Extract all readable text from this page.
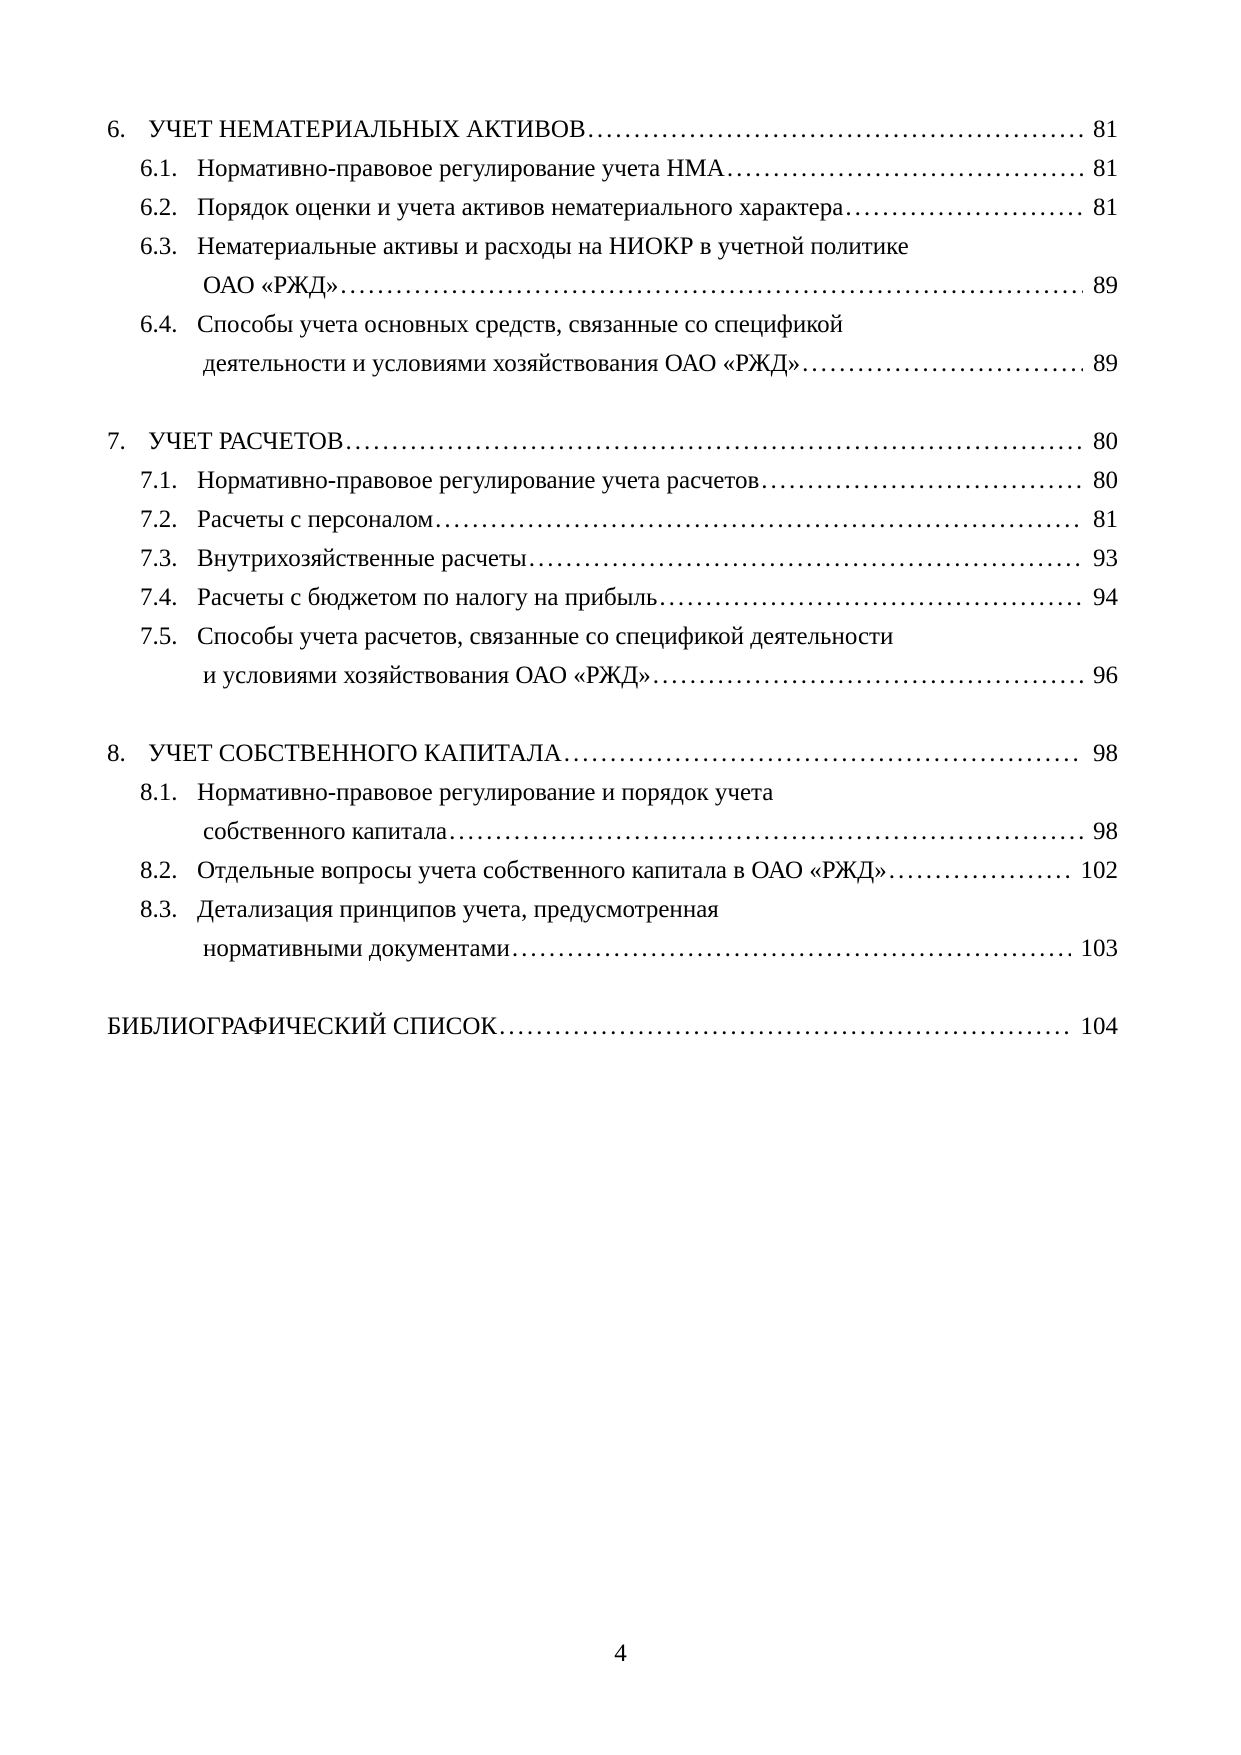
6. УЧЕТ НЕМАТЕРИАЛЬНЫХ АКТИВОВ .....	81
6.1. Нормативно-правовое регулирование учета НМА .....	81
6.2. Порядок оценки и учета активов нематериального характера .....	81
6.3. Нематериальные активы и расходы на НИОКР в учетной политике
ОАО «РЖД» .....	89
6.4. Способы учета основных средств, связанные со спецификой
деятельности и условиями хозяйствования ОАО «РЖД» .....	89
7. УЧЕТ РАСЧЕТОВ .....	80
7.1. Нормативно-правовое регулирование учета расчетов .....	80
7.2. Расчеты с персоналом .....	81
7.3. Внутрихозяйственные расчеты .....	93
7.4. Расчеты с бюджетом по налогу на прибыль .....	94
7.5. Способы учета расчетов, связанные со спецификой деятельности
и условиями хозяйствования ОАО «РЖД» .....	96
8. УЧЕТ СОБСТВЕННОГО КАПИТАЛА .....	98
8.1. Нормативно-правовое регулирование и порядок учета
собственного капитала .....	98
8.2. Отдельные вопросы учета собственного капитала в ОАО «РЖД» .....	102
8.3. Детализация принципов учета, предусмотренная
нормативными документами .....	103
БИБЛИОГРАФИЧЕСКИЙ СПИСОК .....	104
4
